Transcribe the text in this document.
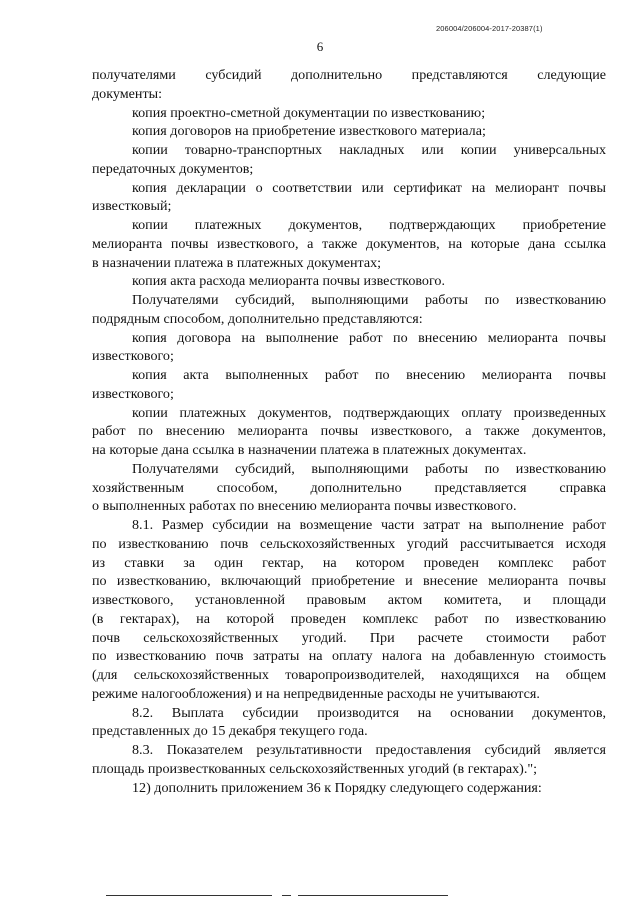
206004/206004-2017-20387(1)
6

получателями субсидий дополнительно представляются следующие

документы:

копия проектно-сметной документации по известкованию;

копия договоров на приобретение известкового материала;

копии товарно-транспортных накладных или копии универсальных

передаточных документов;

копия декларации о соответствии или сертификат на мелиорант почвы

известковый;

копии платежных документов, подтверждающих приобретение

мелиоранта почвы известкового, а также документов, на которые дана ссылка

в назначении платежа в платежных документах;

копия акта расхода мелиоранта почвы известкового.

Получателями субсидий, выполняющими работы по известкованию

подрядным способом, дополнительно представляются:

копия договора на выполнение работ по внесению мелиоранта почвы

известкового;

копия акта выполненных работ по внесению мелиоранта почвы

известкового;

копии платежных документов, подтверждающих оплату произведенных

работ по внесению мелиоранта почвы известкового, а также документов,

на которые дана ссылка в назначении платежа в платежных документах.

Получателями субсидий, выполняющими работы по известкованию

хозяйственным способом, дополнительно представляется справка

о выполненных работах по внесению мелиоранта почвы известкового.

8.1. Размер субсидии на возмещение части затрат на выполнение работ

по известкованию почв сельскохозяйственных угодий рассчитывается исходя

из ставки за один гектар, на котором проведен комплекс работ

по известкованию, включающий приобретение и внесение мелиоранта почвы

известкового, установленной правовым актом комитета, и площади

(в гектарах), на которой проведен комплекс работ по известкованию

почв сельскохозяйственных угодий. При расчете стоимости работ

по известкованию почв затраты на оплату налога на добавленную стоимость

(для сельскохозяйственных товаропроизводителей, находящихся на общем

режиме налогообложения) и на непредвиденные расходы не учитываются.

8.2. Выплата субсидии производится на основании документов,

представленных до 15 декабря текущего года.

8.3. Показателем результативности предоставления субсидий является

площадь произвесткованных сельскохозяйственных угодий (в гектарах).";

12) дополнить приложением 36 к Порядку следующего содержания:
